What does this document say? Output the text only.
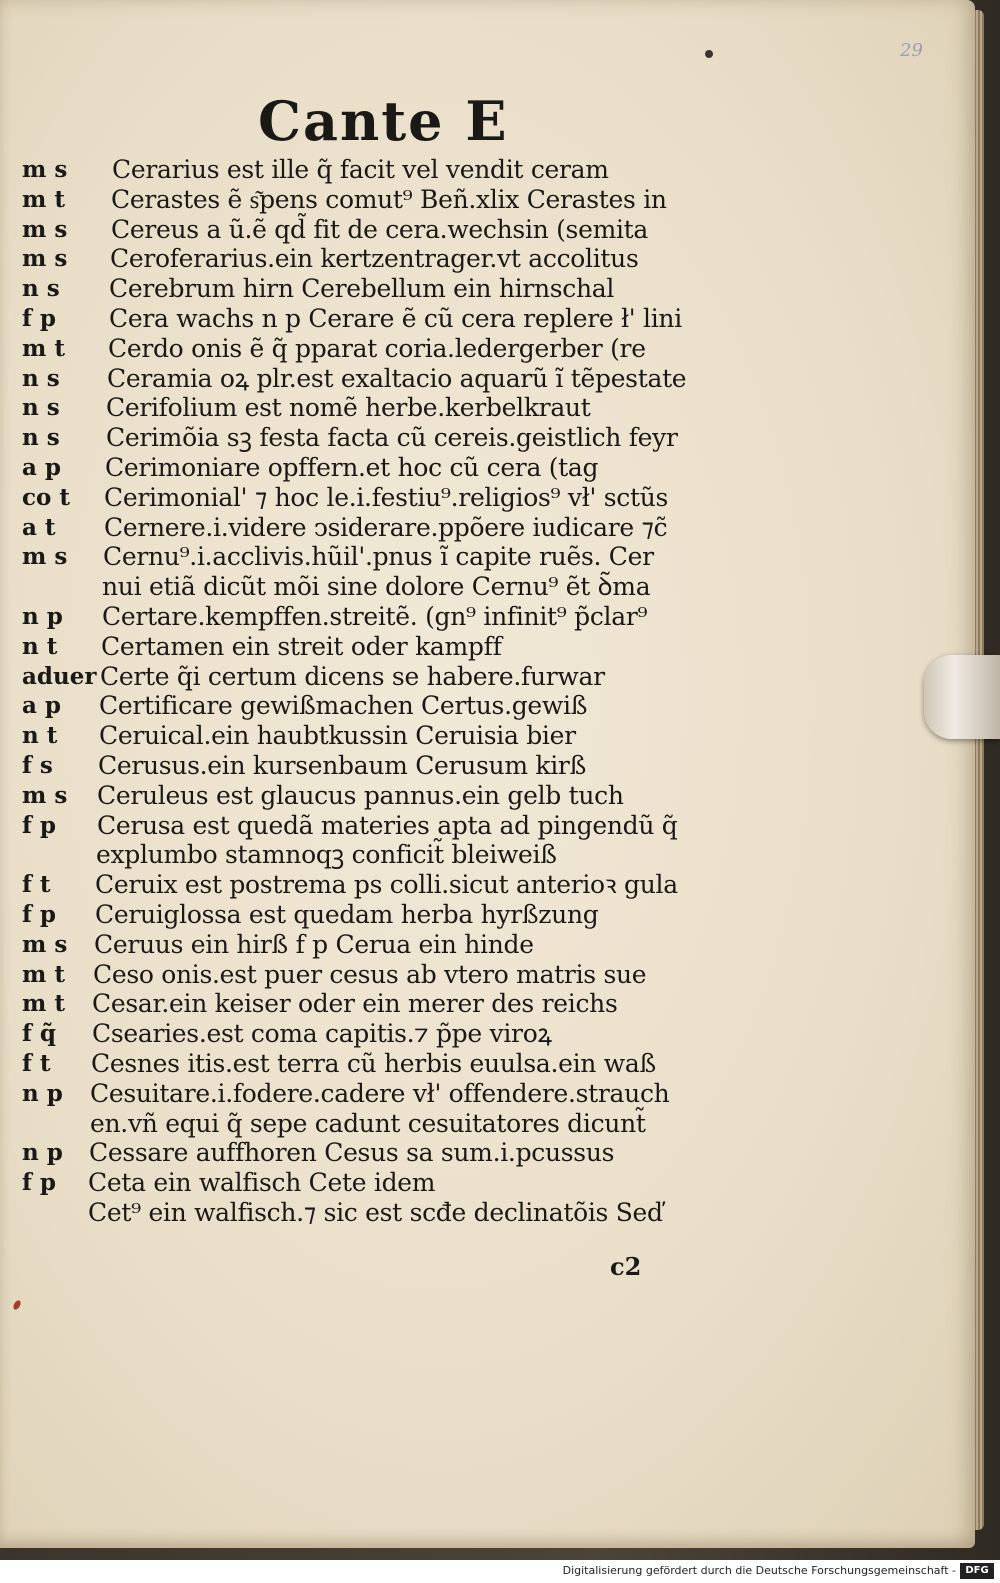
29

Cante E
m s Cerarius est ille q̃ facit vel vendit ceram
m t Cerastes ẽ s͂pens comut⁹ Beñ.xlix Cerastes in
m s Cereus a ũ.ẽ qd̃ fit de cera.wechsin (semita
m s Ceroferarius.ein kertzentrager.vt accolitus
n s Cerebrum hirn Cerebellum ein hirnschal
f p Cera wachs n p Cerare ẽ cũ cera replere ł' lini
m t Cerdo onis ẽ q̃ pparat coria.ledergerber (re
n s Ceramia oꝝ plr.est exaltacio aquarũ ĩ tẽpestate
n s Cerifolium est nomẽ herbe.kerbelkraut
n s Cerimõia sꝫ festa facta cũ cereis.geistlich feyr
a p Cerimoniare opffern.et hoc cũ cera (tag
co t Cerimonial' ⁊ hoc le.i.festiu⁹.religios⁹ vł' sctũs
a t Cernere.i.videre ↄsiderare.ppõere iudicare ⁊c̃
m s Cernu⁹.i.acclivis.hũil'.pnus ĩ capite ruẽs. Cer
nui etiã dicũt mõi sine dolore Cernu⁹ ẽt ꝺ̃ma
n p Certare.kempffen.streitẽ. (gn⁹ infinit⁹ p̃clar⁹
n t Certamen ein streit oder kampff
aduer Certe q̃i certum dicens se habere.furwar
a p Certificare gewißmachen Certus.gewiß
n t Ceruical.ein haubtkussin Ceruisia bier
f s Cerusus.ein kursenbaum Cerusum kirß
m s Ceruleus est glaucus pannus.ein gelb tuch
f p Cerusa est quedã materies apta ad pingendũ q̃
explumbo stamnoqꝫ conficit̃ bleiweiß
f t Ceruix est postrema ps colli.sicut anterioꝛ gula
f p Ceruiglossa est quedam herba hyrßzung
m s Ceruus ein hirß f p Cerua ein hinde
m t Ceso onis.est puer cesus ab vtero matris sue
m t Cesar.ein keiser oder ein merer des reichs
f q̃ Csearies.est coma capitis.⁊ p̃pe viroꝝ
f t Cesnes itis.est terra cũ herbis euulsa.ein waß
n p Cesuitare.i.fodere.cadere vł' offendere.strauch
en.vñ equi q̃ sepe cadunt cesuitatores dicunt̃
n p Cessare auffhoren Cesus sa sum.i.pcussus
f p Ceta ein walfisch Cete idem
Cet⁹ ein walfisch.⁊ sic est scđe declinatõis Seď

c2

Digitalisierung gefördert durch die Deutsche Forschungsgemeinschaft - DFG
